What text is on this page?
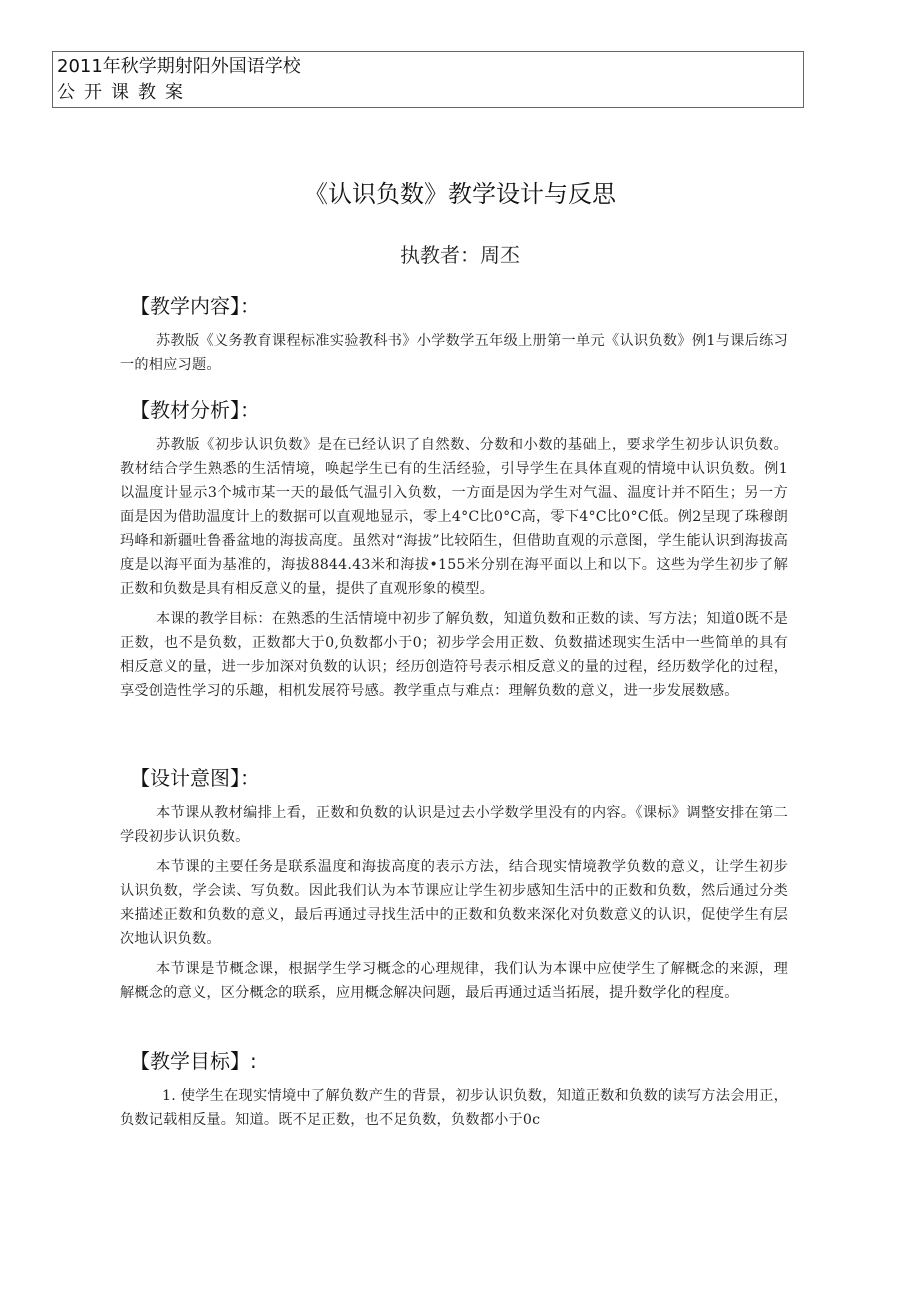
2011年秋学期射阳外国语学校
公开课教案
《认识负数》教学设计与反思
执教者：周丕
【教学内容】：

苏教版《义务教育课程标准实验教科书》小学数学五年级上册第一单元《认识负数》例1与课后练习一的相应习题。

【教材分析】：

苏教版《初步认识负数》是在已经认识了自然数、分数和小数的基础上，要求学生初步认识负数。教材结合学生熟悉的生活情境，唤起学生已有的生活经验，引导学生在具体直观的情境中认识负数。例1以温度计显示3个城市某一天的最低气温引入负数，一方面是因为学生对气温、温度计并不陌生；另一方面是因为借助温度计上的数据可以直观地显示，零上4°C比0°C高，零下4°C比0°C低。例2呈现了珠穆朗玛峰和新疆吐鲁番盆地的海拔高度。虽然对“海拔”比较陌生，但借助直观的示意图，学生能认识到海拔高度是以海平面为基准的，海拔8844.43米和海拔•155米分别在海平面以上和以下。这些为学生初步了解正数和负数是具有相反意义的量，提供了直观形象的模型。

本课的教学目标：在熟悉的生活情境中初步了解负数，知道负数和正数的读、写方法；知道0既不是正数，也不是负数，正数都大于0,负数都小于0；初步学会用正数、负数描述现实生活中一些简单的具有相反意义的量，进一步加深对负数的认识；经历创造符号表示相反意义的量的过程，经历数学化的过程，享受创造性学习的乐趣，相机发展符号感。教学重点与难点：理解负数的意义，进一步发展数感。

【设计意图】：

本节课从教材编排上看，正数和负数的认识是过去小学数学里没有的内容。《课标》调整安排在第二学段初步认识负数。

本节课的主要任务是联系温度和海拔高度的表示方法，结合现实情境教学负数的意义，让学生初步认识负数，学会读、写负数。因此我们认为本节课应让学生初步感知生活中的正数和负数，然后通过分类来描述正数和负数的意义，最后再通过寻找生活中的正数和负数来深化对负数意义的认识，促使学生有层次地认识负数。

本节课是节概念课，根据学生学习概念的心理规律，我们认为本课中应使学生了解概念的来源，理解概念的意义，区分概念的联系，应用概念解决问题，最后再通过适当拓展，提升数学化的程度。

【教学目标】:

1. 使学生在现实情境中了解负数产生的背景，初步认识负数，知道正数和负数的读写方法会用正，负数记载相反量。知道。既不足正数，也不足负数，负数都小于0c
